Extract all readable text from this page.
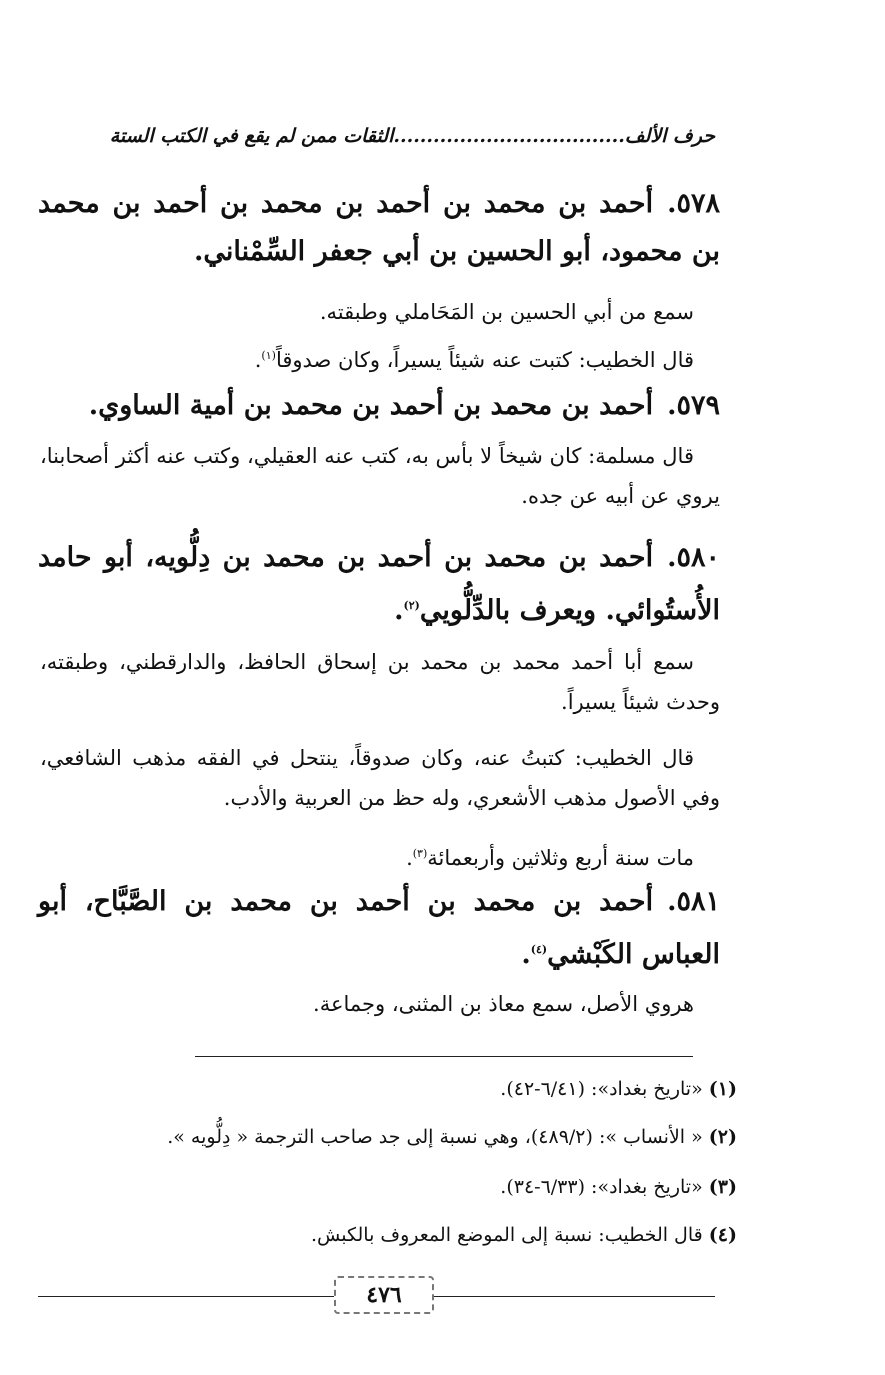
حرف الألف...................................الثقات ممن لم يقع في الكتب الستة
٥٧٨.أحمد بن محمد بن أحمد بن محمد بن أحمد بن محمد بن محمود، أبو الحسين بن أبي جعفر السِّمْناني.
سمع من أبي الحسين بن المَحَاملي وطبقته.
قال الخطيب: كتبت عنه شيئاً يسيراً، وكان صدوقاً$^{(١)}$.
٥٧٩.أحمد بن محمد بن أحمد بن محمد بن أمية الساوي.
قال مسلمة: كان شيخاً لا بأس به، كتب عنه العقيلي، وكتب عنه أكثر أصحابنا، يروي عن أبيه عن جده.
٥٨٠.أحمد بن محمد بن أحمد بن محمد بن دِلُّويه، أبو حامد الأُستُوائي. ويعرف بالدِّلُّويي$^{(٢)}$.
سمع أبا أحمد محمد بن محمد بن إسحاق الحافظ، والدارقطني، وطبقته، وحدث شيئاً يسيراً.
قال الخطيب: كتبتُ عنه، وكان صدوقاً، ينتحل في الفقه مذهب الشافعي، وفي الأصول مذهب الأشعري، وله حظ من العربية والأدب.
مات سنة أربع وثلاثين وأربعمائة$^{(٣)}$.
٥٨١.أحمد بن محمد بن أحمد بن محمد بن الصَّبَّاح، أبو العباس الكَبْشي$^{(٤)}$.
هروي الأصل، سمع معاذ بن المثنى، وجماعة.
(١) «تاريخ بغداد»: (٦/٤١-٤٢).
(٢) « الأنساب »: (٤٨٩/٢)، وهي نسبة إلى جد صاحب الترجمة « دِلُّويه ».
(٣) «تاريخ بغداد»: (٦/٣٣-٣٤).
(٤) قال الخطيب: نسبة إلى الموضع المعروف بالكبش.
٤٧٦
